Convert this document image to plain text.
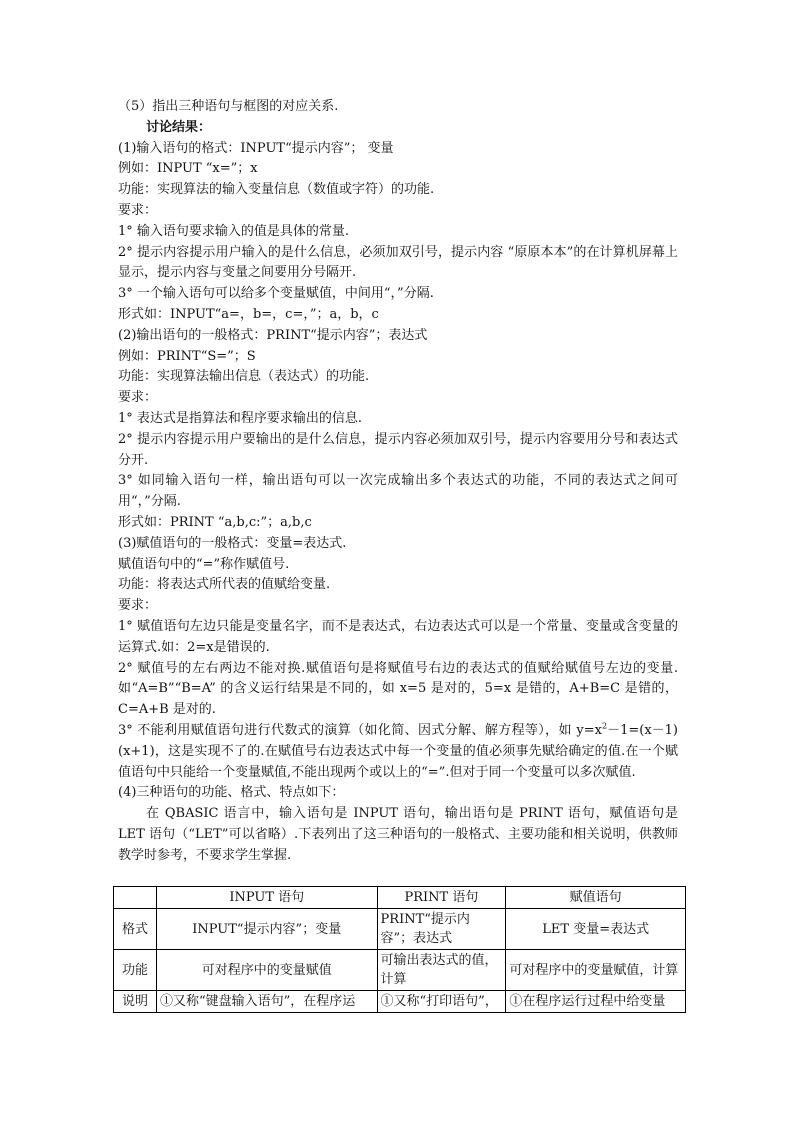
（5）指出三种语句与框图的对应关系.
讨论结果：
(1)输入语句的格式：INPUT“提示内容”； 变量
例如：INPUT “x=”；x
功能：实现算法的输入变量信息（数值或字符）的功能.
要求：
1° 输入语句要求输入的值是具体的常量.
2° 提示内容提示用户输入的是什么信息，必须加双引号，提示内容 “原原本本”的在计算机屏幕上显示，提示内容与变量之间要用分号隔开.
3° 一个输入语句可以给多个变量赋值，中间用“，”分隔.
形式如：INPUT“a=，b=，c=，”；a，b，c
(2)输出语句的一般格式：PRINT“提示内容”；表达式
例如：PRINT“S=”；S
功能：实现算法输出信息（表达式）的功能.
要求：
1° 表达式是指算法和程序要求输出的信息.
2° 提示内容提示用户要输出的是什么信息，提示内容必须加双引号，提示内容要用分号和表达式分开.
3° 如同输入语句一样，输出语句可以一次完成输出多个表达式的功能，不同的表达式之间可用“，”分隔.
形式如：PRINT “a,b,c:”；a,b,c
(3)赋值语句的一般格式：变量=表达式.
赋值语句中的“=”称作赋值号.
功能：将表达式所代表的值赋给变量.
要求：
1° 赋值语句左边只能是变量名字，而不是表达式，右边表达式可以是一个常量、变量或含变量的运算式.如：2=x是错误的.
2° 赋值号的左右两边不能对换.赋值语句是将赋值号右边的表达式的值赋给赋值号左边的变量.如“A=B”“B=A” 的含义运行结果是不同的，如 x=5 是对的，5=x 是错的，A+B=C 是错的，C=A+B 是对的.
3° 不能利用赋值语句进行代数式的演算（如化简、因式分解、解方程等），如 $y=x^2-1=(x-1)(x+1)$，这是实现不了的.在赋值号右边表达式中每一个变量的值必须事先赋给确定的值.在一个赋值语句中只能给一个变量赋值,不能出现两个或以上的“=”.但对于同一个变量可以多次赋值.
(4)三种语句的功能、格式、特点如下：
在 QBASIC 语言中，输入语句是 INPUT 语句，输出语句是 PRINT 语句，赋值语句是 LET 语句（“LET”可以省略）.下表列出了这三种语句的一般格式、主要功能和相关说明，供教师教学时参考，不要求学生掌握.
	INPUT 语句	PRINT 语句	赋值语句
格式	INPUT“提示内容”；变量	PRINT“提示内容”；表达式	LET 变量=表达式
功能	可对程序中的变量赋值	可输出表达式的值，计算	可对程序中的变量赋值，计算
说明	①又称“键盘输入语句”，在程序运	①又称“打印语句”，	①在程序运行过程中给变量
